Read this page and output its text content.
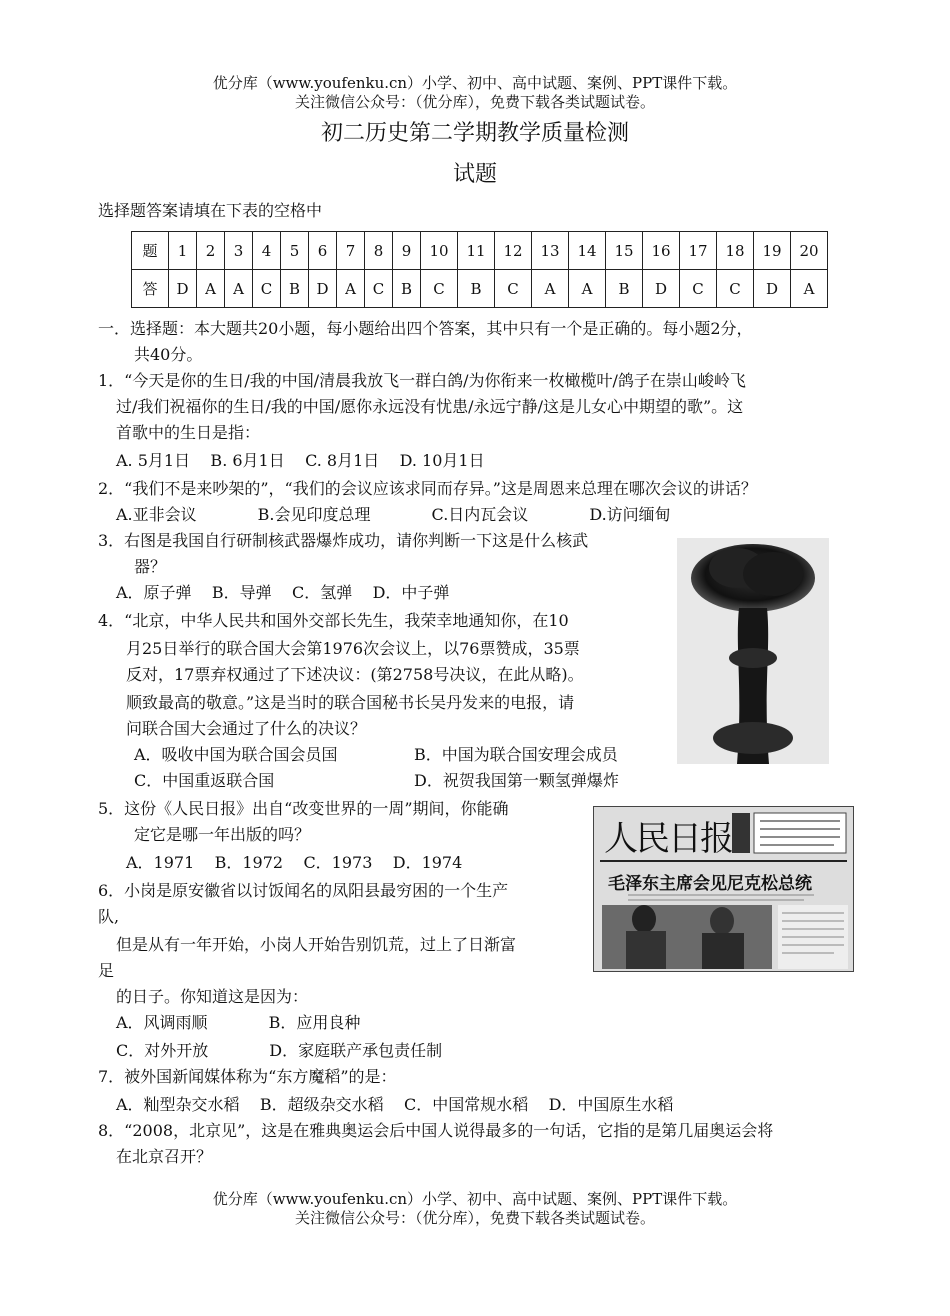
优分库（www.youfenku.cn）小学、初中、高中试题、案例、PPT课件下载。
关注微信公众号：（优分库），免费下载各类试题试卷。
初二历史第二学期教学质量检测
试题
选择题答案请填在下表的空格中
题	1	2	3	4	5	6	7	8	9	10	11	12	13	14	15	16	17	18	19	20
答	D	A	A	C	B	D	A	C	B	C	B	C	A	A	B	D	C	C	D	A
一．选择题：本大题共20小题，每小题给出四个答案，其中只有一个是正确的。每小题2分，
共40分。
1．“今天是你的生日/我的中国/清晨我放飞一群白鸽/为你衔来一枚橄榄叶/鸽子在崇山峻岭飞
过/我们祝福你的生日/我的中国/愿你永远没有忧患/永远宁静/这是儿女心中期望的歌”。这
首歌中的生日是指：
A. 5月1日    B. 6月1日    C. 8月1日    D. 10月1日
2．“我们不是来吵架的”，“我们的会议应该求同而存异。”这是周恩来总理在哪次会议的讲话？
A.亚非会议            B.会见印度总理            C.日内瓦会议            D.访问缅甸
3．右图是我国自行研制核武器爆炸成功，请你判断一下这是什么核武
器？
A．原子弹    B．导弹    C．氢弹    D．中子弹
4．“北京，中华人民共和国外交部长先生，我荣幸地通知你，在10
月25日举行的联合国大会第1976次会议上，以76票赞成，35票
反对，17票弃权通过了下述决议：(第2758号决议，在此从略)。
顺致最高的敬意。”这是当时的联合国秘书长吴丹发来的电报，请
问联合国大会通过了什么的决议？
A．吸收中国为联合国会员国	B．中国为联合国安理会成员
C．中国重返联合国	D．祝贺我国第一颗氢弹爆炸
5．这份《人民日报》出自“改变世界的一周”期间，你能确
定它是哪一年出版的吗？
A．1971    B．1972    C．1973    D．1974
人民日报
毛泽东主席会见尼克松总统
6．小岗是原安徽省以讨饭闻名的凤阳县最穷困的一个生产
队,
但是从有一年开始，小岗人开始告别饥荒，过上了日渐富
足
的日子。你知道这是因为：
A．风调雨顺            B．应用良种
C．对外开放            D．家庭联产承包责任制
7．被外国新闻媒体称为“东方魔稻”的是：
A．籼型杂交水稻    B．超级杂交水稻    C．中国常规水稻    D．中国原生水稻
8．“2008，北京见”，这是在雅典奥运会后中国人说得最多的一句话，它指的是第几届奥运会将
在北京召开？
优分库（www.youfenku.cn）小学、初中、高中试题、案例、PPT课件下载。
关注微信公众号：（优分库），免费下载各类试题试卷。
